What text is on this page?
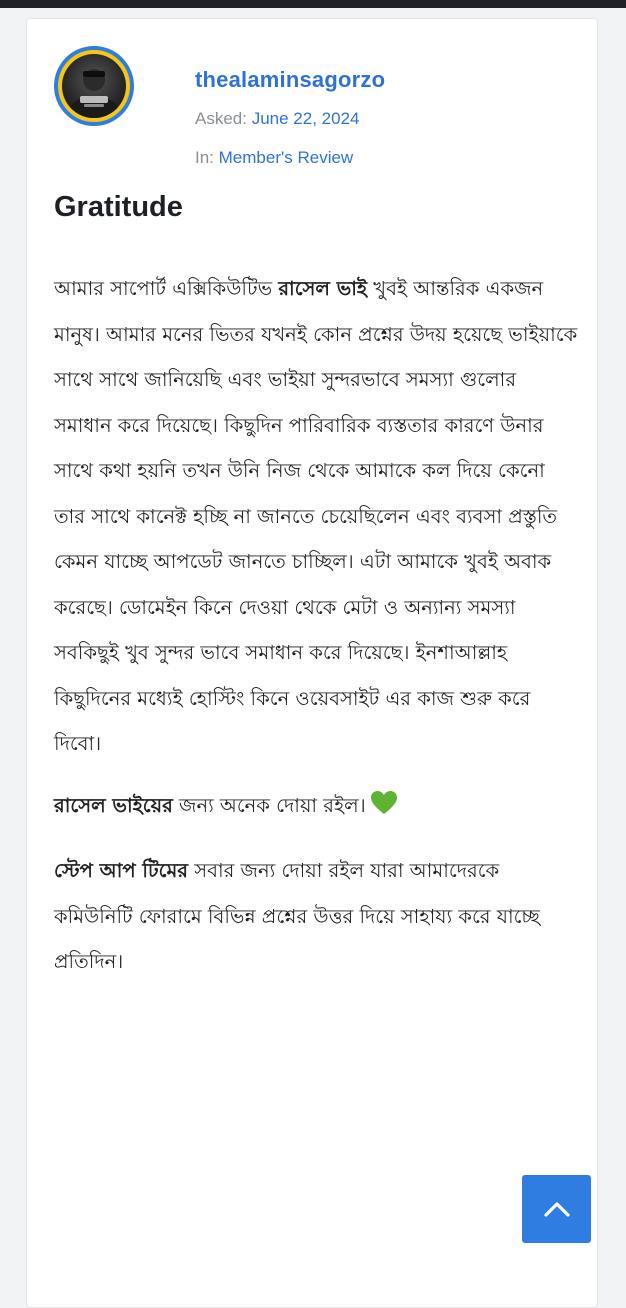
thealaminsagorzo
Asked: June 22, 2024
In: Member's Review
Gratitude

আমার সাপোর্ট এক্সিকিউটিভ রাসেল ভাই খুবই আন্তরিক একজন মানুষ। আমার মনের ভিতর যখনই কোন প্রশ্নের উদয় হয়েছে ভাইয়াকে সাথে সাথে জানিয়েছি এবং ভাইয়া সুন্দরভাবে সমস্যা গুলোর সমাধান করে দিয়েছে। কিছুদিন পারিবারিক ব্যস্ততার কারণে উনার সাথে কথা হয়নি তখন উনি নিজ থেকে আমাকে কল দিয়ে কেনো তার সাথে কানেক্ট হচ্ছি না জানতে চেয়েছিলেন এবং ব্যবসা প্রস্তুতি কেমন যাচ্ছে আপডেট জানতে চাচ্ছিল। এটা আমাকে খুবই অবাক করেছে। ডোমেইন কিনে দেওয়া থেকে মেটা ও অন্যান্য সমস্যা সবকিছুই খুব সুন্দর ভাবে সমাধান করে দিয়েছে। ইনশাআল্লাহ কিছুদিনের মধ্যেই হোস্টিং কিনে ওয়েবসাইট এর কাজ শুরু করে দিবো।

রাসেল ভাইয়ের জন্য অনেক দোয়া রইল।

স্টেপ আপ টিমের সবার জন্য দোয়া রইল যারা আমাদেরকে কমিউনিটি ফোরামে বিভিন্ন প্রশ্নের উত্তর দিয়ে সাহায্য করে যাচ্ছে প্রতিদিন।
